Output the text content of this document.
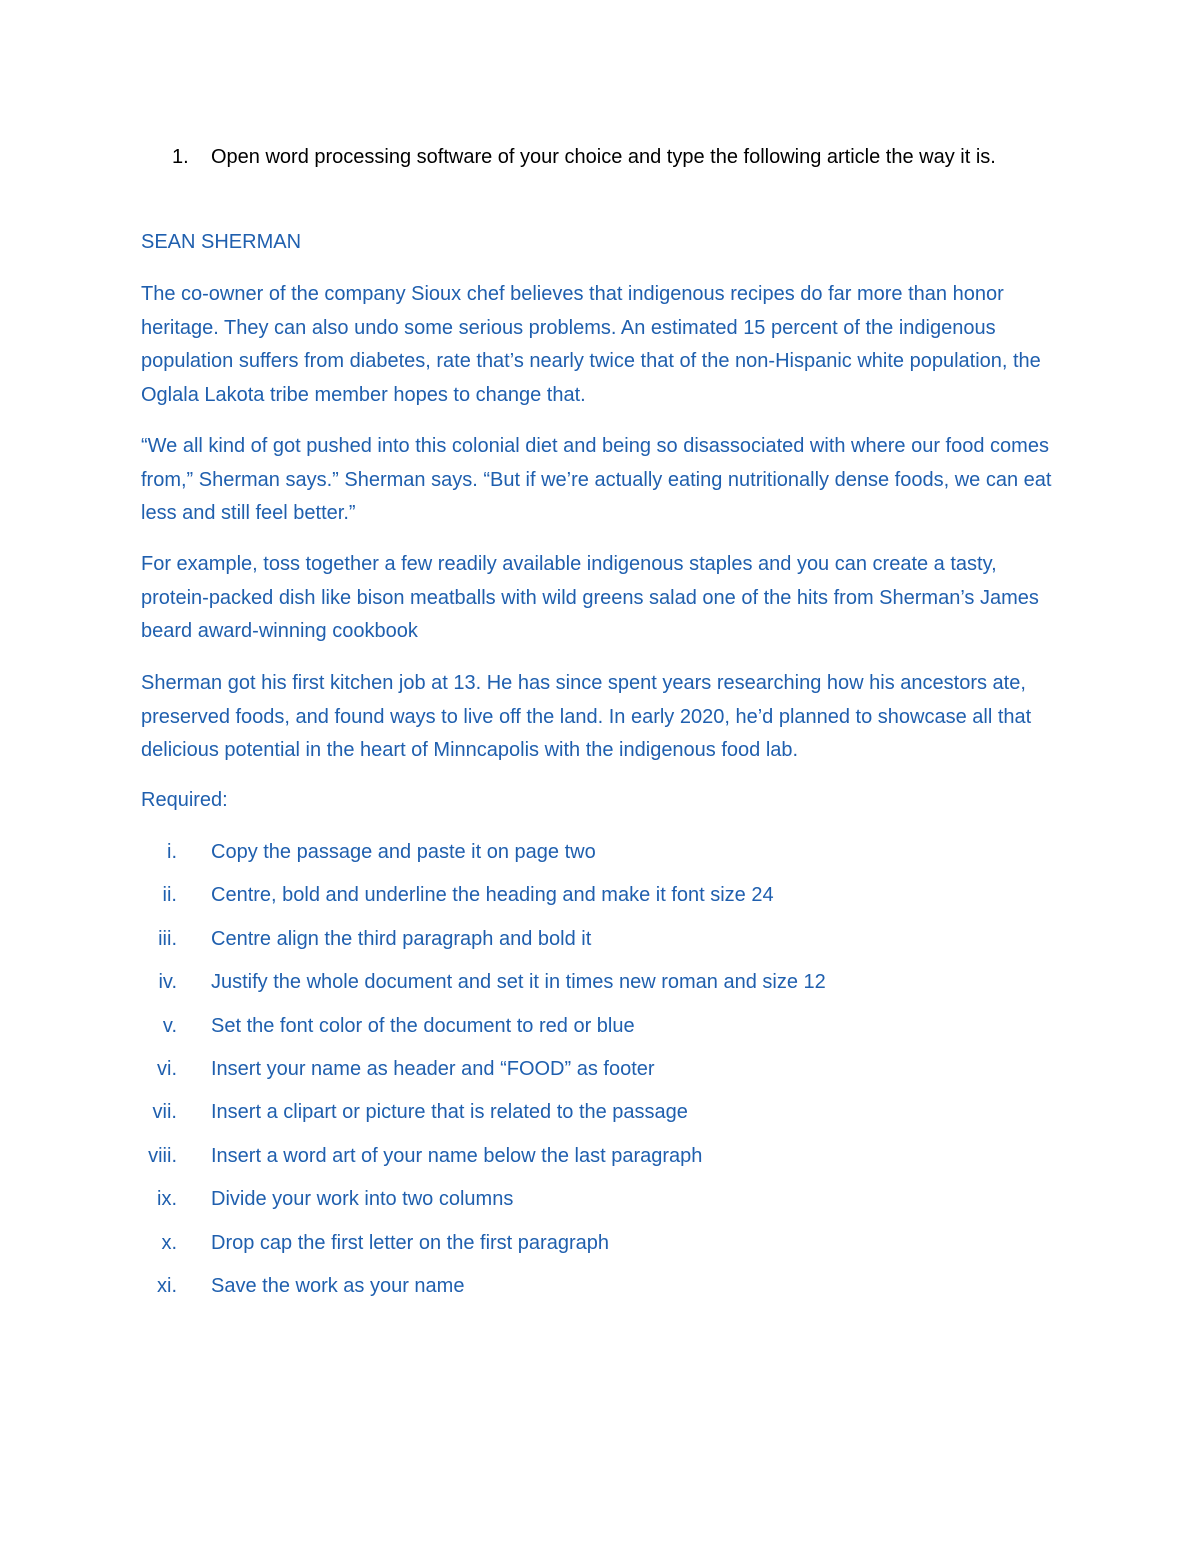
1. Open word processing software of your choice and type the following article the way it is.
SEAN SHERMAN

The co-owner of the company Sioux chef believes that indigenous recipes do far more than honor heritage. They can also undo some serious problems. An estimated 15 percent of the indigenous population suffers from diabetes, rate that’s nearly twice that of the non-Hispanic white population, the Oglala Lakota tribe member hopes to change that.

“We all kind of got pushed into this colonial diet and being so disassociated with where our food comes from,” Sherman says.” Sherman says. “But if we’re actually eating nutritionally dense foods, we can eat less and still feel better.”

For example, toss together a few readily available indigenous staples and you can create a tasty, protein-packed dish like bison meatballs with wild greens salad one of the hits from Sherman’s James beard award-winning cookbook

Sherman got his first kitchen job at 13. He has since spent years researching how his ancestors ate, preserved foods, and found ways to live off the land. In early 2020, he’d planned to showcase all that delicious potential in the heart of Minncapolis with the indigenous food lab.

Required:
i. Copy the passage and paste it on page two
ii. Centre, bold and underline the heading and make it font size 24
iii. Centre align the third paragraph and bold it
iv. Justify the whole document and set it in times new roman and size 12
v. Set the font color of the document to red or blue
vi. Insert your name as header and “FOOD” as footer
vii. Insert a clipart or picture that is related to the passage
viii. Insert a word art of your name below the last paragraph
ix. Divide your work into two columns
x. Drop cap the first letter on the first paragraph
xi. Save the work as your name
